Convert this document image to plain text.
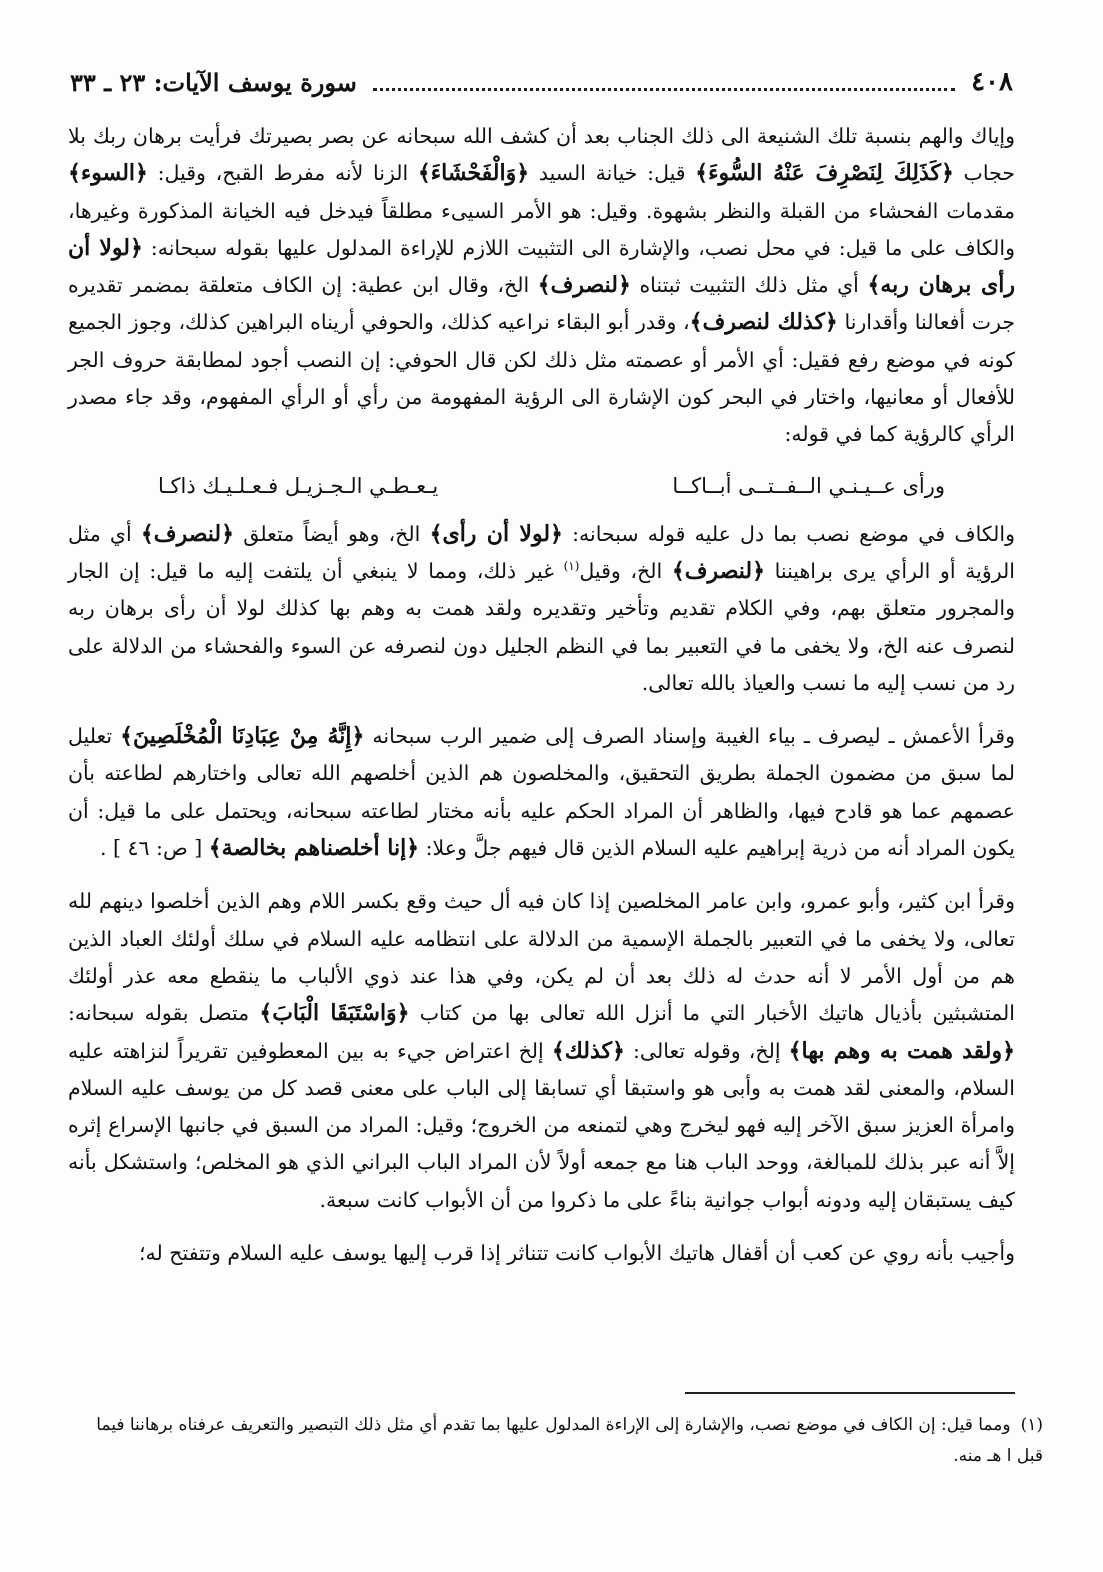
٤٠٨
سورة يوسف الآيات: ٢٣ ـ ٣٣

وإياك والهم بنسبة تلك الشنيعة الى ذلك الجناب بعد أن كشف الله سبحانه عن بصر بصيرتك فرأيت برهان ربك بلا حجاب ﴿كَذَلِكَ لِنَصْرِفَ عَنْهُ السُّوءَ﴾ قيل: خيانة السيد ﴿وَالْفَحْشَاءَ﴾ الزنا لأنه مفرط القبح، وقيل: ﴿السوء﴾ مقدمات الفحشاء من القبلة والنظر بشهوة. وقيل: هو الأمر السيىء مطلقاً فيدخل فيه الخيانة المذكورة وغيرها، والكاف على ما قيل: في محل نصب، والإشارة الى التثبيت اللازم للإراءة المدلول عليها بقوله سبحانه: ﴿لولا أن رأى برهان ربه﴾ أي مثل ذلك التثبيت ثبتناه ﴿لنصرف﴾ الخ، وقال ابن عطية: إن الكاف متعلقة بمضمر تقديره جرت أفعالنا وأقدارنا ﴿كذلك لنصرف﴾، وقدر أبو البقاء نراعيه كذلك، والحوفي أريناه البراهين كذلك، وجوز الجميع كونه في موضع رفع فقيل: أي الأمر أو عصمته مثل ذلك لكن قال الحوفي: إن النصب أجود لمطابقة حروف الجر للأفعال أو معانيها، واختار في البحر كون الإشارة الى الرؤية المفهومة من رأي أو الرأي المفهوم، وقد جاء مصدر الرأي كالرؤية كما في قوله:

ورأى عــيـنـي الــفــتــى أبــاكــا
يـعـطـي الـجـزيـل فـعـلـيـك ذاكـا

والكاف في موضع نصب بما دل عليه قوله سبحانه: ﴿لولا أن رأى﴾ الخ، وهو أيضاً متعلق ﴿لنصرف﴾ أي مثل الرؤية أو الرأي يرى براهيننا ﴿لنصرف﴾ الخ، وقيل$^{(١)}$ غير ذلك، ومما لا ينبغي أن يلتفت إليه ما قيل: إن الجار والمجرور متعلق بهم، وفي الكلام تقديم وتأخير وتقديره ولقد همت به وهم بها كذلك لولا أن رأى برهان ربه لنصرف عنه الخ، ولا يخفى ما في التعبير بما في النظم الجليل دون لنصرفه عن السوء والفحشاء من الدلالة على رد من نسب إليه ما نسب والعياذ بالله تعالى.

وقرأ الأعمش ـ ليصرف ـ بياء الغيبة وإسناد الصرف إلى ضمير الرب سبحانه ﴿إِنَّهُ مِنْ عِبَادِنَا الْمُخْلَصِينَ﴾ تعليل لما سبق من مضمون الجملة بطريق التحقيق، والمخلصون هم الذين أخلصهم الله تعالى واختارهم لطاعته بأن عصمهم عما هو قادح فيها، والظاهر أن المراد الحكم عليه بأنه مختار لطاعته سبحانه، ويحتمل على ما قيل: أن يكون المراد أنه من ذرية إبراهيم عليه السلام الذين قال فيهم جلَّ وعلا: ﴿إنا أخلصناهم بخالصة﴾ [ ص: ٤٦ ] .

وقرأ ابن كثير، وأبو عمرو، وابن عامر المخلصين إذا كان فيه أل حيث وقع بكسر اللام وهم الذين أخلصوا دينهم لله تعالى، ولا يخفى ما في التعبير بالجملة الإسمية من الدلالة على انتظامه عليه السلام في سلك أولئك العباد الذين هم من أول الأمر لا أنه حدث له ذلك بعد أن لم يكن، وفي هذا عند ذوي الألباب ما ينقطع معه عذر أولئك المتشبثين بأذيال هاتيك الأخبار التي ما أنزل الله تعالى بها من كتاب ﴿وَاسْتَبَقَا الْبَابَ﴾ متصل بقوله سبحانه: ﴿ولقد همت به وهم بها﴾ إلخ، وقوله تعالى: ﴿كذلك﴾ إلخ اعتراض جيء به بين المعطوفين تقريراً لنزاهته عليه السلام، والمعنى لقد همت به وأبى هو واستبقا أي تسابقا إلى الباب على معنى قصد كل من يوسف عليه السلام وامرأة العزيز سبق الآخر إليه فهو ليخرج وهي لتمنعه من الخروج؛ وقيل: المراد من السبق في جانبها الإسراع إثره إلاَّ أنه عبر بذلك للمبالغة، ووحد الباب هنا مع جمعه أولاً لأن المراد الباب البراني الذي هو المخلص؛ واستشكل بأنه كيف يستبقان إليه ودونه أبواب جوانية بناءً على ما ذكروا من أن الأبواب كانت سبعة.

وأجيب بأنه روي عن كعب أن أقفال هاتيك الأبواب كانت تتناثر إذا قرب إليها يوسف عليه السلام وتتفتح له؛

(١)ومما قيل: إن الكاف في موضع نصب، والإشارة إلى الإراءة المدلول عليها بما تقدم أي مثل ذلك التبصير والتعريف عرفناه برهاننا فيما قبل ا هـ منه.
